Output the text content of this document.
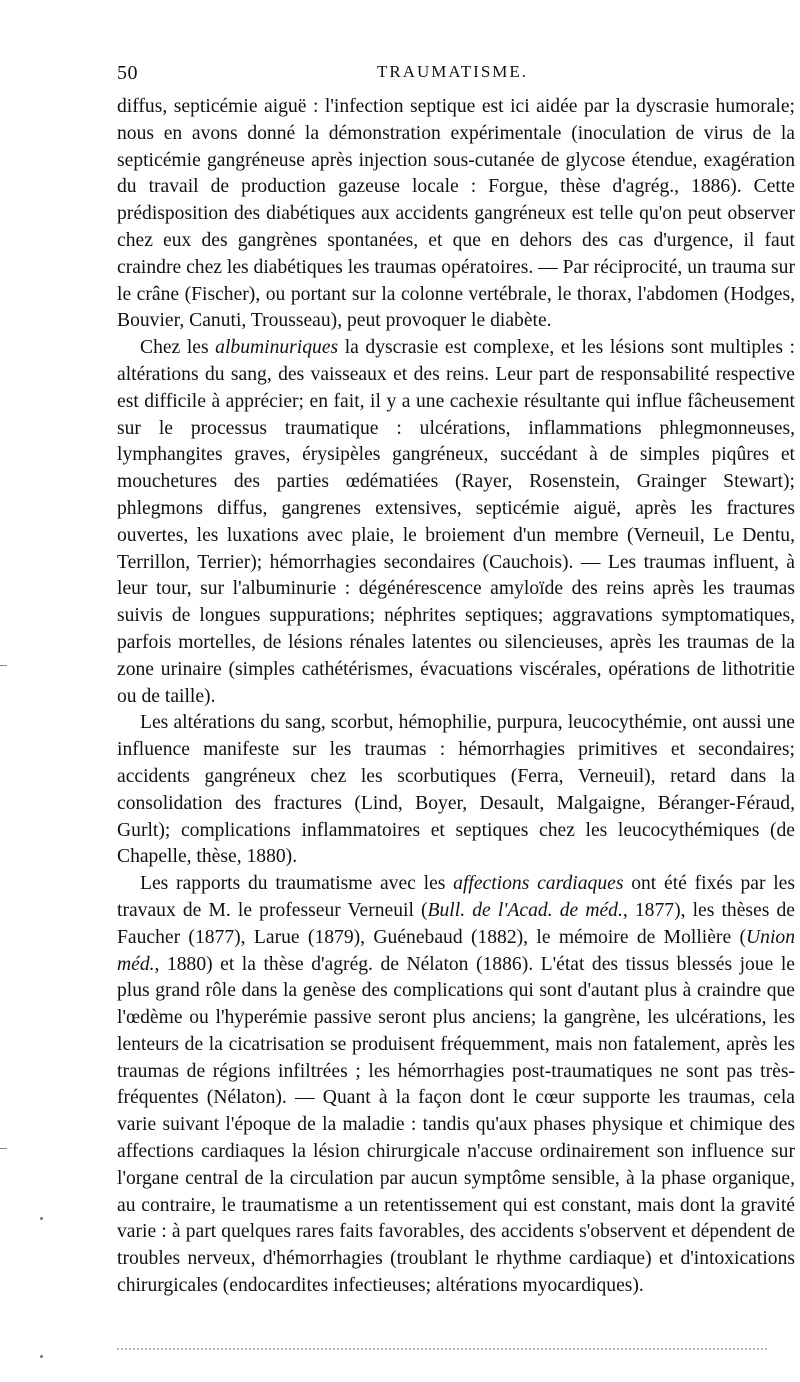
50	TRAUMATISME.

diffus, septicémie aiguë : l'infection septique est ici aidée par la dyscrasie humorale; nous en avons donné la démonstration expérimentale (inoculation de virus de la septicémie gangréneuse après injection sous-cutanée de glycose étendue, exagération du travail de production gazeuse locale : Forgue, thèse d'agrég., 1886). Cette prédisposition des diabétiques aux accidents gangréneux est telle qu'on peut observer chez eux des gangrènes spontanées, et que en dehors des cas d'urgence, il faut craindre chez les diabétiques les traumas opératoires. — Par réciprocité, un trauma sur le crâne (Fischer), ou portant sur la colonne vertébrale, le thorax, l'abdomen (Hodges, Bouvier, Canuti, Trousseau), peut provoquer le diabète.

Chez les albuminuriques la dyscrasie est complexe, et les lésions sont multiples : altérations du sang, des vaisseaux et des reins. Leur part de responsabilité respective est difficile à apprécier; en fait, il y a une cachexie résultante qui influe fâcheusement sur le processus traumatique : ulcérations, inflammations phlegmonneuses, lymphangites graves, érysipèles gangréneux, succédant à de simples piqûres et mouchetures des parties œdématiées (Rayer, Rosenstein, Grainger Stewart); phlegmons diffus, gangrenes extensives, septicémie aiguë, après les fractures ouvertes, les luxations avec plaie, le broiement d'un membre (Verneuil, Le Dentu, Terrillon, Terrier); hémorrhagies secondaires (Cauchois). — Les traumas influent, à leur tour, sur l'albuminurie : dégénérescence amyloïde des reins après les traumas suivis de longues suppurations; néphrites septiques; aggravations symptomatiques, parfois mortelles, de lésions rénales latentes ou silencieuses, après les traumas de la zone urinaire (simples cathétérismes, évacuations viscérales, opérations de lithotritie ou de taille).

Les altérations du sang, scorbut, hémophilie, purpura, leucocythémie, ont aussi une influence manifeste sur les traumas : hémorrhagies primitives et secondaires; accidents gangréneux chez les scorbutiques (Ferra, Verneuil), retard dans la consolidation des fractures (Lind, Boyer, Desault, Malgaigne, Béranger-Féraud, Gurlt); complications inflammatoires et septiques chez les leucocythémiques (de Chapelle, thèse, 1880).

Les rapports du traumatisme avec les affections cardiaques ont été fixés par les travaux de M. le professeur Verneuil (Bull. de l'Acad. de méd., 1877), les thèses de Faucher (1877), Larue (1879), Guénebaud (1882), le mémoire de Mollière (Union méd., 1880) et la thèse d'agrég. de Nélaton (1886). L'état des tissus blessés joue le plus grand rôle dans la genèse des complications qui sont d'autant plus à craindre que l'œdème ou l'hyperémie passive seront plus anciens; la gangrène, les ulcérations, les lenteurs de la cicatrisation se produisent fréquemment, mais non fatalement, après les traumas de régions infiltrées ; les hémorrhagies post-traumatiques ne sont pas très-fréquentes (Nélaton). — Quant à la façon dont le cœur supporte les traumas, cela varie suivant l'époque de la maladie : tandis qu'aux phases physique et chimique des affections cardiaques la lésion chirurgicale n'accuse ordinairement son influence sur l'organe central de la circulation par aucun symptôme sensible, à la phase organique, au contraire, le traumatisme a un retentissement qui est constant, mais dont la gravité varie : à part quelques rares faits favorables, des accidents s'observent et dépendent de troubles nerveux, d'hémorrhagies (troublant le rhythme cardiaque) et d'intoxications chirurgicales (endocardites infectieuses; altérations myocardiques).
